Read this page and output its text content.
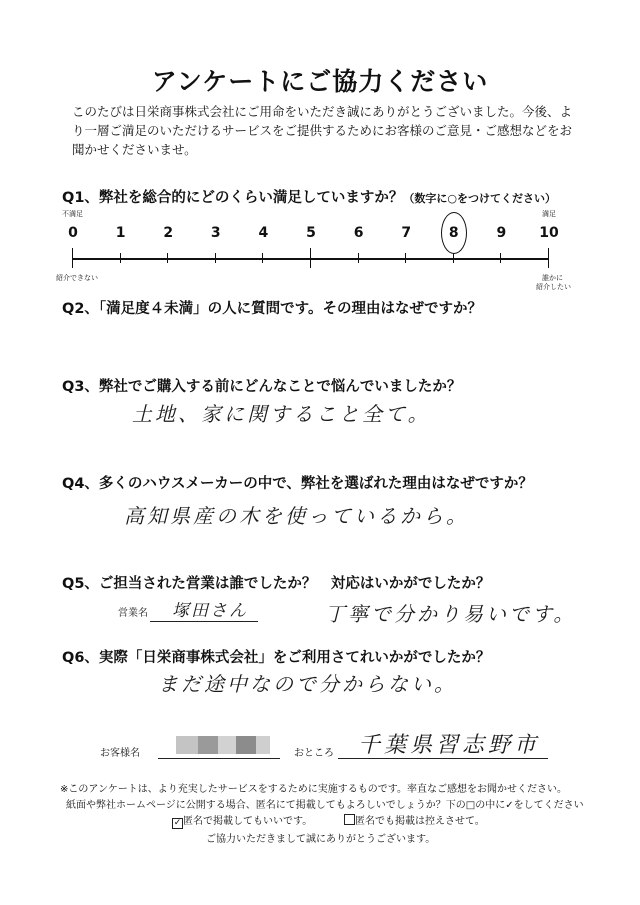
アンケートにご協力ください
このたびは日栄商事株式会社にご用命をいただき誠にありがとうございました。今後、より一層ご満足のいただけるサービスをご提供するためにお客様のご意見・ご感想などをお聞かせくださいませ。
Q1、弊社を総合的にどのくらい満足していますか？（数字に○をつけてください）
不満足	満足
0	1	2	3	4	5	6	7	8	9	10
紹介できない	誰かに
紹介したい
Q2、「満足度４未満」の人に質問です。その理由はなぜですか？
Q3、弊社でご購入する前にどんなことで悩んでいましたか？
土地、家に関すること全て。
Q4、多くのハウスメーカーの中で、弊社を選ばれた理由はなぜですか？
高知県産の木を使っているから。
Q5、ご担当された営業は誰でしたか？　対応はいかがでしたか？
営業名	塚田さん	丁寧で分かり易いです。
Q6、実際「日栄商事株式会社」をご利用さてれいかがでしたか？
まだ途中なので分からない。
お客様名	おところ 千葉県習志野市
※このアンケートは、より充実したサービスをするために実施するものです。率直なご感想をお聞かせください。
紙面や弊社ホームページに公開する場合、匿名にて掲載してもよろしいでしょうか？下の□の中に✓をしてください
✓ 匿名で掲載してもいいです。	匿名でも掲載は控えさせて。
ご協力いただきまして誠にありがとうございます。
